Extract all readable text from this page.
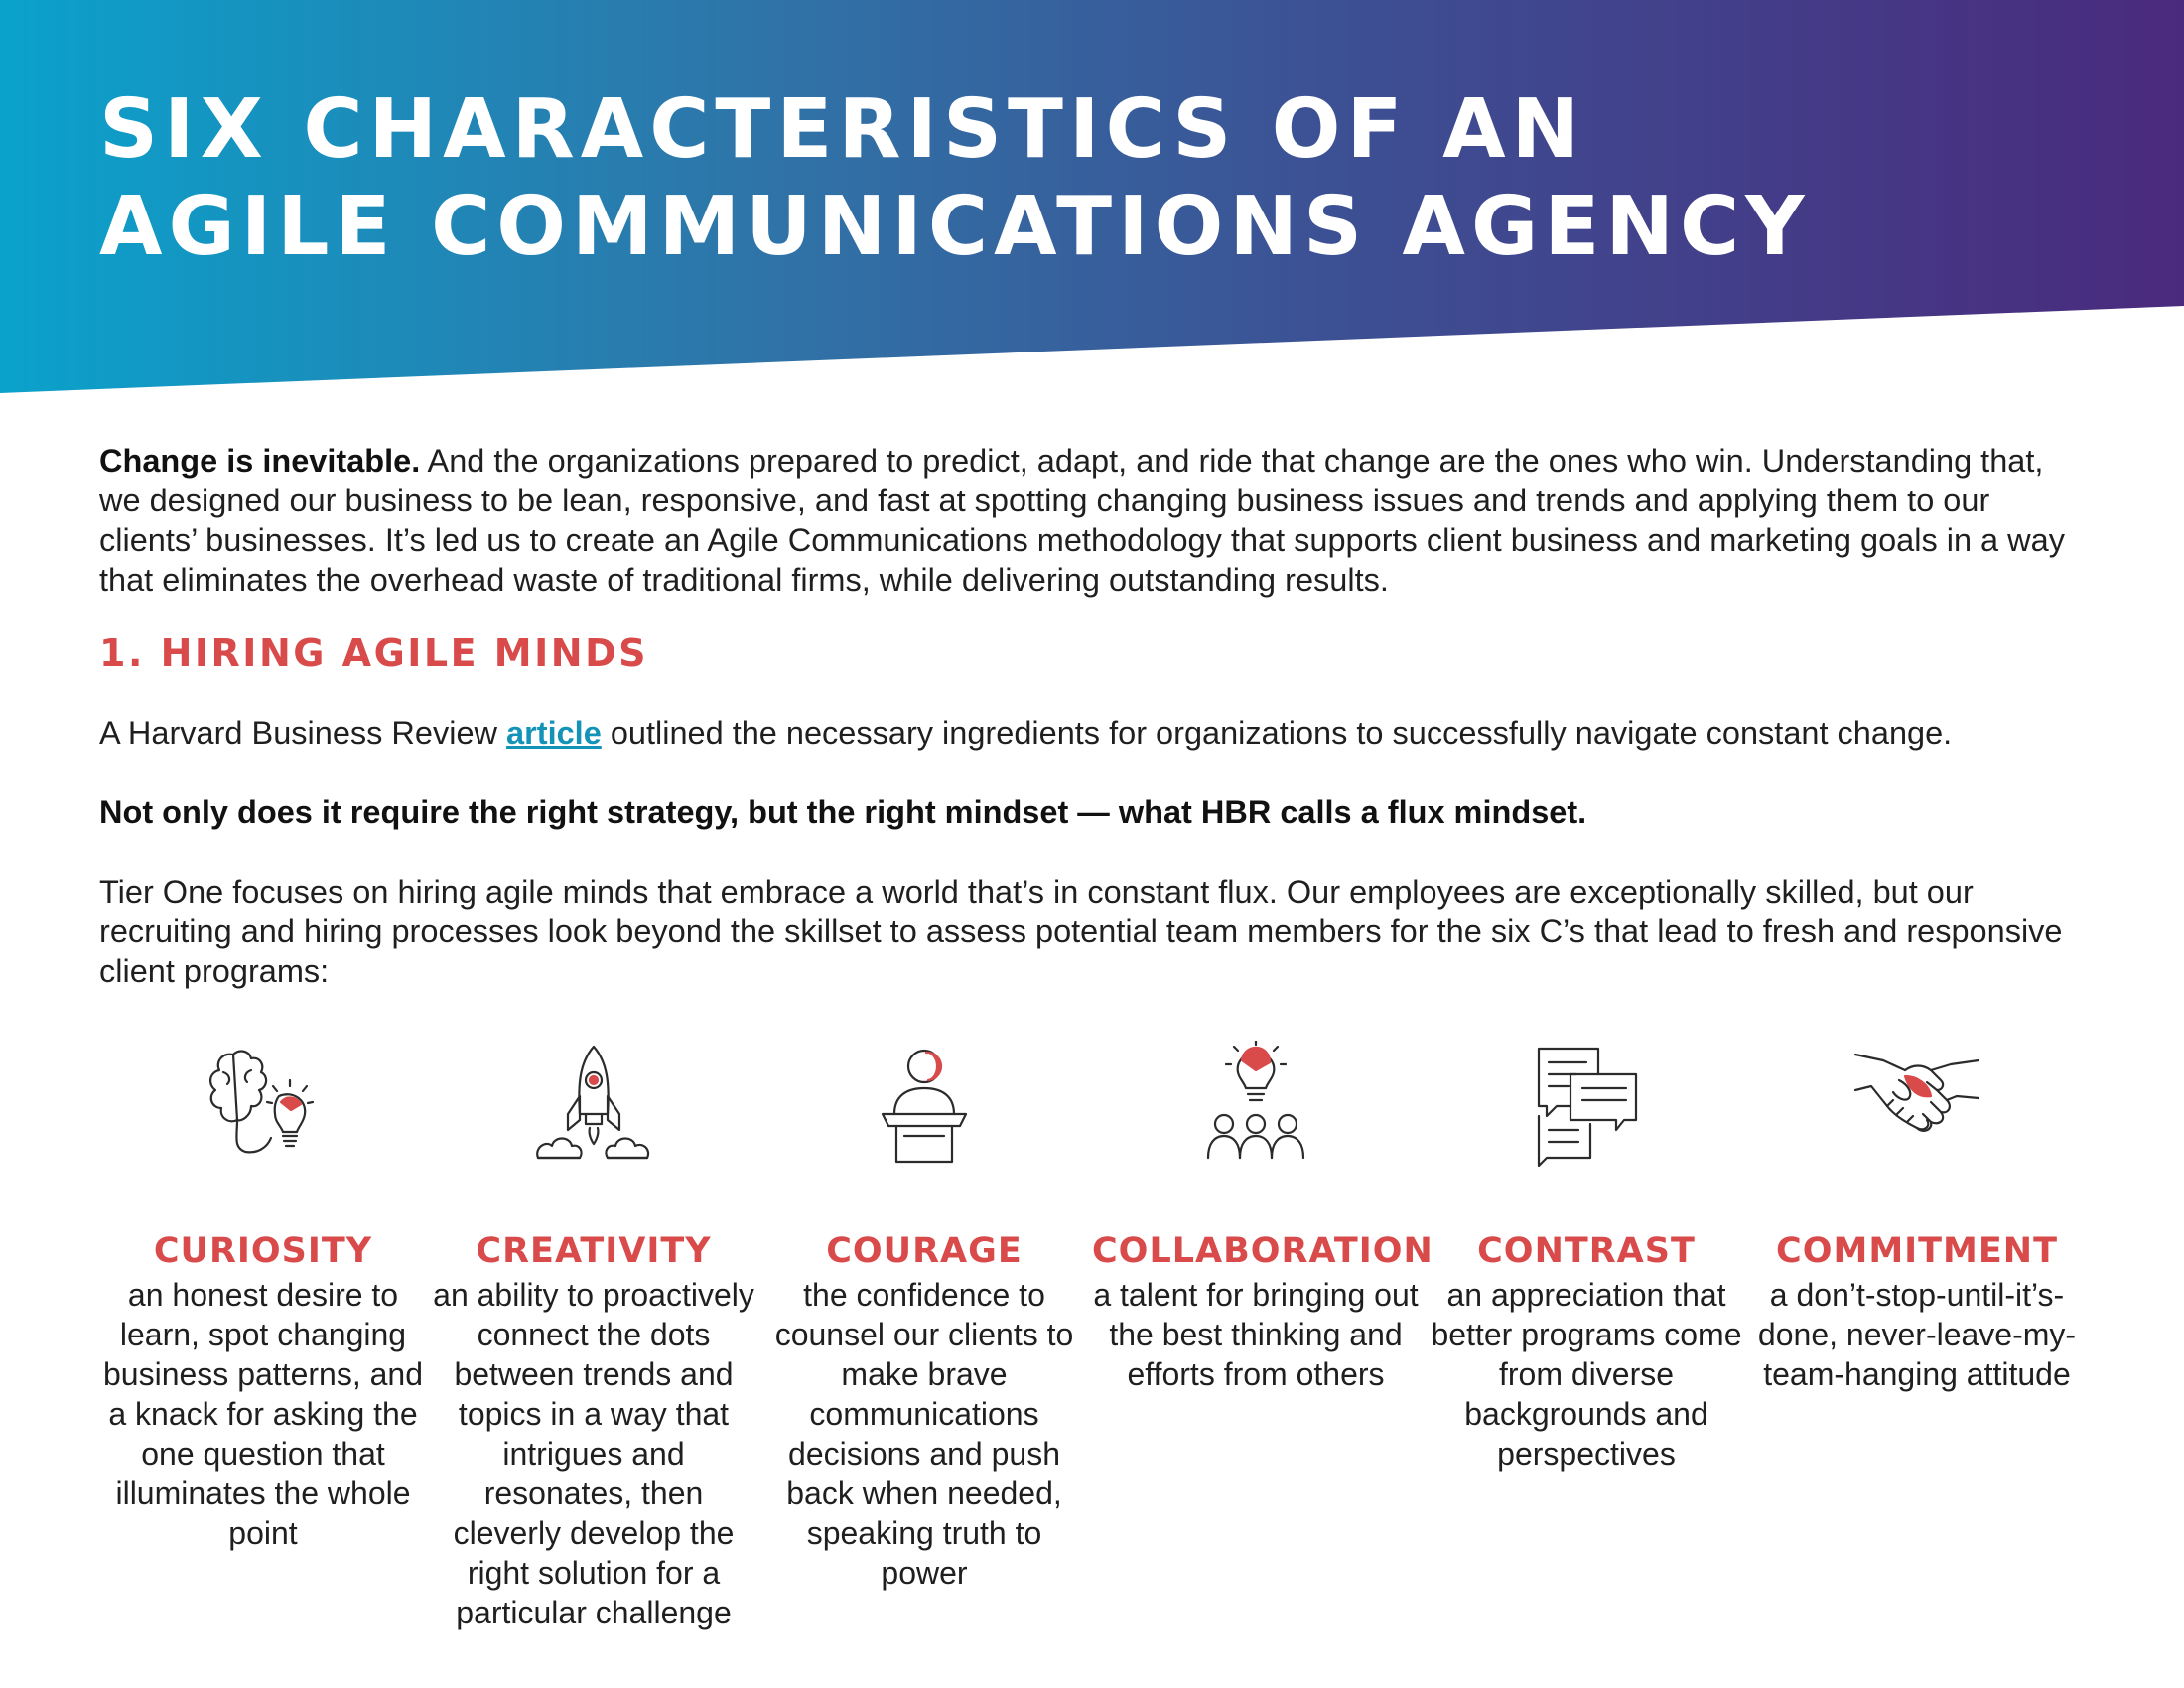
SIX CHARACTERISTICS OF AN
AGILE COMMUNICATIONS AGENCY

Change is inevitable. And the organizations prepared to predict, adapt, and ride that change are the ones who win. Understanding that, we designed our business to be lean, responsive, and fast at spotting changing business issues and trends and applying them to our clients’ businesses. It’s led us to create an Agile Communications methodology that supports client business and marketing goals in a way that eliminates the overhead waste of traditional firms, while delivering outstanding results.

1. HIRING AGILE MINDS

A Harvard Business Review article outlined the necessary ingredients for organizations to successfully navigate constant change.

Not only does it require the right strategy, but the right mindset — what HBR calls a flux mindset.

Tier One focuses on hiring agile minds that embrace a world that’s in constant flux. Our employees are exceptionally skilled, but our recruiting and hiring processes look beyond the skillset to assess potential team members for the six C’s that lead to fresh and responsive client programs:

CURIOSITY
an honest desire to learn, spot changing business patterns, and a knack for asking the one question that illuminates the whole point
CREATIVITY
an ability to proactively connect the dots between trends and topics in a way that intrigues and resonates, then cleverly develop the right solution for a particular challenge
COURAGE
the confidence to counsel our clients to make brave communications decisions and push back when needed, speaking truth to power
COLLABORATION
a talent for bringing out the best thinking and efforts from others
CONTRAST
an appreciation that better programs come from diverse backgrounds and perspectives
COMMITMENT
a don’t-stop-until-it’s-done, never-leave-my-team-hanging attitude
